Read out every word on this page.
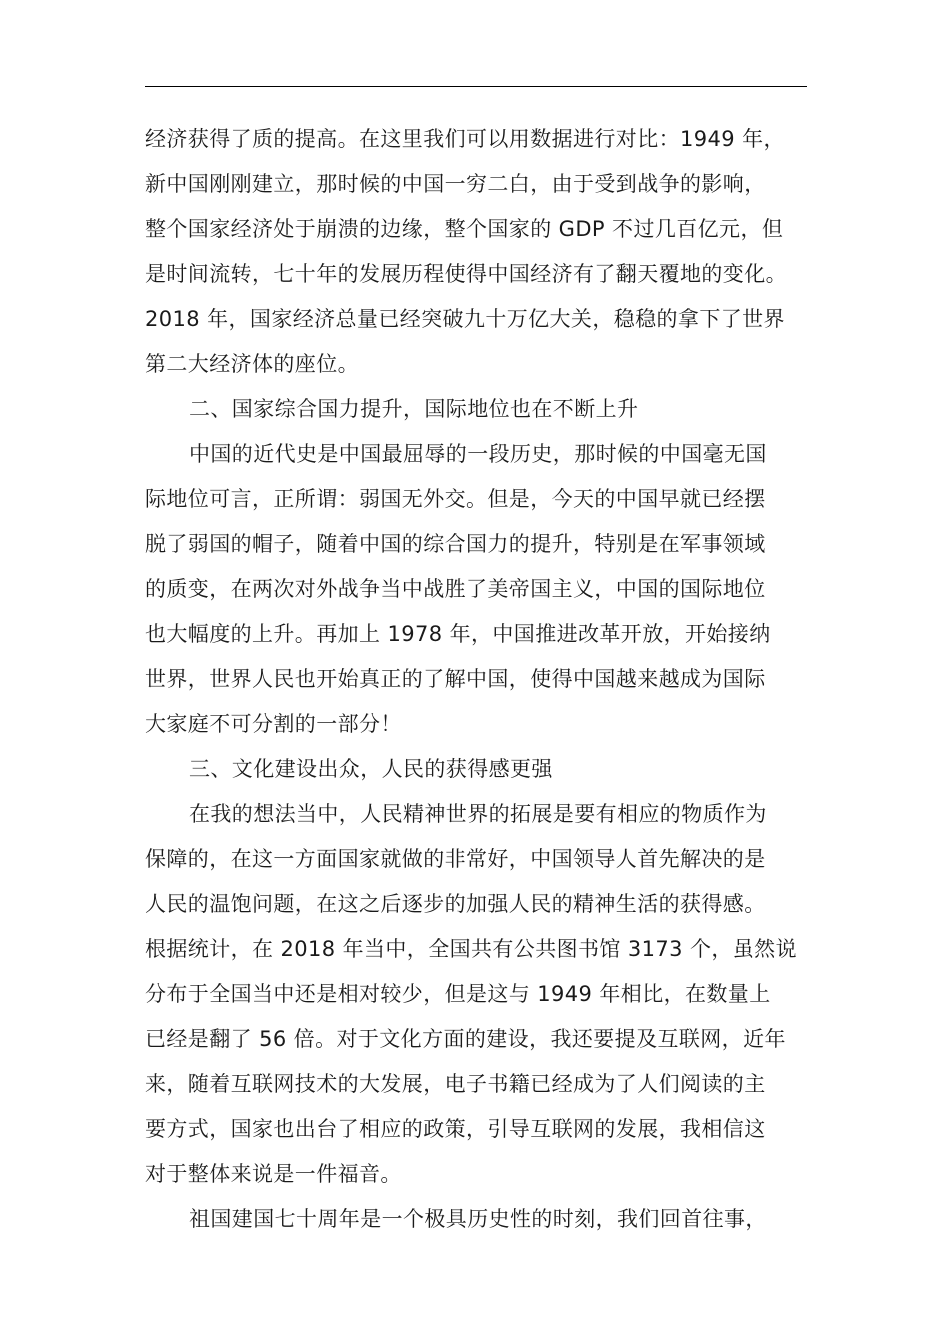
经济获得了质的提高。在这里我们可以用数据进行对比：1949 年，
新中国刚刚建立，那时候的中国一穷二白，由于受到战争的影响，
整个国家经济处于崩溃的边缘，整个国家的 GDP 不过几百亿元，但
是时间流转，七十年的发展历程使得中国经济有了翻天覆地的变化。
2018 年，国家经济总量已经突破九十万亿大关，稳稳的拿下了世界
第二大经济体的座位。
二、国家综合国力提升，国际地位也在不断上升
中国的近代史是中国最屈辱的一段历史，那时候的中国毫无国
际地位可言，正所谓：弱国无外交。但是，今天的中国早就已经摆
脱了弱国的帽子，随着中国的综合国力的提升，特别是在军事领域
的质变，在两次对外战争当中战胜了美帝国主义，中国的国际地位
也大幅度的上升。再加上 1978 年，中国推进改革开放，开始接纳
世界，世界人民也开始真正的了解中国，使得中国越来越成为国际
大家庭不可分割的一部分！
三、文化建设出众，人民的获得感更强
在我的想法当中，人民精神世界的拓展是要有相应的物质作为
保障的，在这一方面国家就做的非常好，中国领导人首先解决的是
人民的温饱问题，在这之后逐步的加强人民的精神生活的获得感。
根据统计，在 2018 年当中，全国共有公共图书馆 3173 个，虽然说
分布于全国当中还是相对较少，但是这与 1949 年相比，在数量上
已经是翻了 56 倍。对于文化方面的建设，我还要提及互联网，近年
来，随着互联网技术的大发展，电子书籍已经成为了人们阅读的主
要方式，国家也出台了相应的政策，引导互联网的发展，我相信这
对于整体来说是一件福音。
祖国建国七十周年是一个极具历史性的时刻，我们回首往事，
